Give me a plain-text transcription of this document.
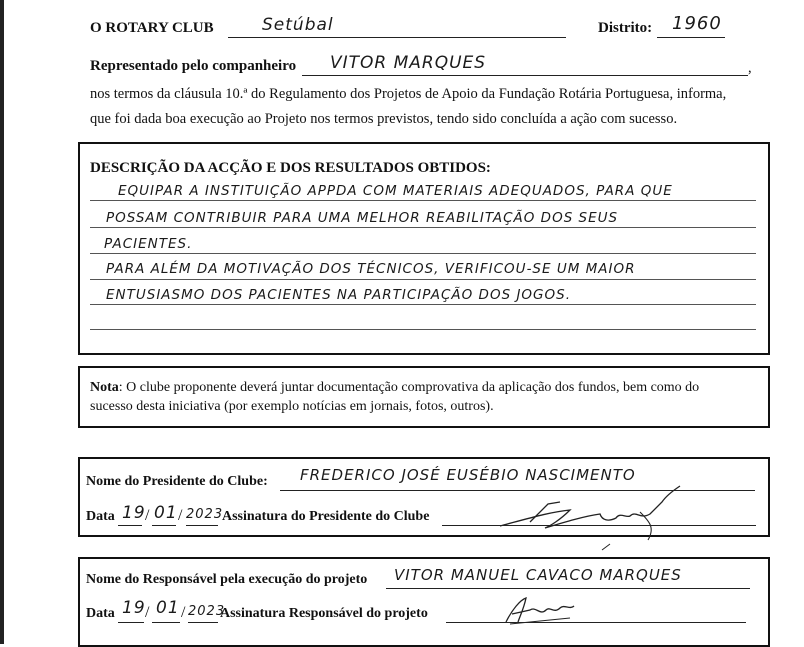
O ROTARY CLUB	Setúbal	Distrito: 1960
Representado pelo companheiro VITOR MARQUES	,
nos termos da cláusula 10.ª do Regulamento dos Projetos de Apoio da Fundação Rotária Portuguesa, informa,
que foi dada boa execução ao Projeto nos termos previstos, tendo sido concluída a ação com sucesso.
DESCRIÇÃO DA ACÇÃO E DOS RESULTADOS OBTIDOS:
EQUIPAR A INSTITUIÇÃO APPDA COM MATERIAIS ADEQUADOS, PARA QUE
POSSAM CONTRIBUIR PARA UMA MELHOR REABILITAÇÃO DOS SEUS
PACIENTES.
PARA ALÉM DA MOTIVAÇÃO DOS TÉCNICOS, VERIFICOU-SE UM MAIOR
ENTUSIASMO DOS PACIENTES NA PARTICIPAÇÃO DOS JOGOS.
Nota: O clube proponente deverá juntar documentação comprovativa da aplicação dos fundos, bem como do
sucesso desta iniciativa (por exemplo notícias em jornais, fotos, outros).
Nome do Presidente do Clube: FREDERICO JOSÉ EUSÉBIO NASCIMENTO
Data 19 / 01 / 2023
Assinatura do Presidente do Clube
Nome do Responsável pela execução do projeto VITOR MANUEL CAVACO MARQUES
Data 19 / 01 / 2023
Assinatura Responsável do projeto
